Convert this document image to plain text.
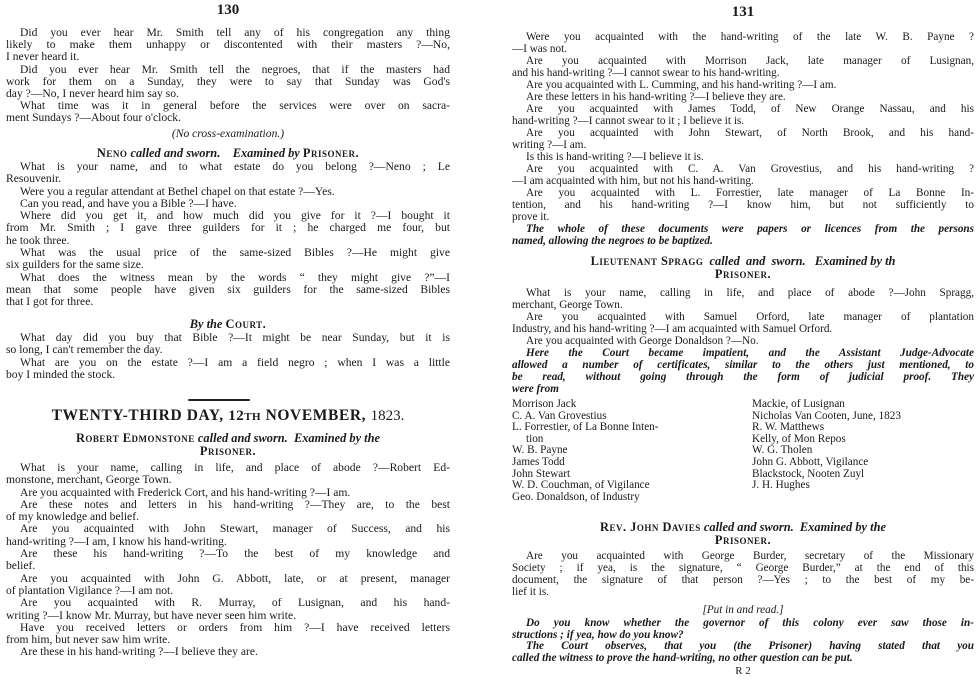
130
Did you ever hear Mr. Smith tell any of his congregation any thing
likely to make them unhappy or discontented with their masters ?—No,
I never heard it.
Did you ever hear Mr. Smith tell the negroes, that if the masters had
work for them on a Sunday, they were to say that Sunday was God's
day ?—No, I never heard him say so.
What time was it in general before the services were over on sacra-
ment Sundays ?—About four o'clock.
(No cross-examination.)
Neno called and sworn.    Examined by Prisoner.
What is your name, and to what estate do you belong ?—Neno ; Le
Resouvenir.
Were you a regular attendant at Bethel chapel on that estate ?—Yes.
Can you read, and have you a Bible ?—I have.
Where did you get it, and how much did you give for it ?—I bought it
from Mr. Smith ; I gave three guilders for it ; he charged me four, but
he took three.
What was the usual price of the same-sized Bibles ?—He might give
six guilders for the same size.
What does the witness mean by the words “ they might give ?”—I
mean that some people have given six guilders for the same-sized Bibles
that I got for three.
By the Court.
What day did you buy that Bible ?—It might be near Sunday, but it is
so long, I can't remember the day.
What are you on the estate ?—I am a field negro ; when I was a little
boy I minded the stock.
TWENTY-THIRD DAY, 12th NOVEMBER, 1823.
Robert Edmonstone called and sworn.  Examined by the
Prisoner.
What is your name, calling in life, and place of abode ?—Robert Ed-
monstone, merchant, George Town.
Are you acquainted with Frederick Cort, and his hand-writing ?—I am.
Are these notes and letters in his hand-writing ?—They are, to the best
of my knowledge and belief.
Are you acquainted with John Stewart, manager of Success, and his
hand-writing ?—I am, I know his hand-writing.
Are these his hand-writing ?—To the best of my knowledge and
belief.
Are you acquainted with John G. Abbott, late, or at present, manager
of plantation Vigilance ?—I am not.
Are you acquainted with R. Murray, of Lusignan, and his hand-
writing ?—I know Mr. Murray, but have never seen him write.
Have you received letters or orders from him ?—I have received letters
from him, but never saw him write.
Are these in his hand-writing ?—I believe they are.
131
R 2
Were you acquainted with the hand-writing of the late W. B. Payne ?
—I was not.
Are you acquainted with Morrison Jack, late manager of Lusignan,
and his hand-writing ?—I cannot swear to his hand-writing.
Are you acquainted with L. Cumming, and his hand-writing ?—I am.
Are these letters in his hand-writing ?—I believe they are.
Are you acquainted with James Todd, of New Orange Nassau, and his
hand-writing ?—I cannot swear to it ; I believe it is.
Are you acquainted with John Stewart, of North Brook, and his hand-
writing ?—I am.
Is this is hand-writing ?—I believe it is.
Are you acquainted with C. A. Van Grovestius, and his hand-writing ?
—I am acquainted with him, but not his hand-writing.
Are you acquainted with L. Forrestier, late manager of La Bonne In-
tention, and his hand-writing ?—I know him, but not sufficiently to
prove it.
The whole of these documents were papers or licences from the persons
named, allowing the negroes to be baptized.
Lieutenant Spragg  called  and  sworn.   Examined by th
Prisoner.
What is your name, calling in life, and place of abode ?—John Spragg,
merchant, George Town.
Are you acquainted with Samuel Orford, late manager of plantation
Industry, and his hand-writing ?—I am acquainted with Samuel Orford.
Are you acquainted with George Donaldson ?—No.
Here the Court became impatient, and the Assistant Judge-Advocate
allowed a number of certificates, similar to the others just mentioned, to
be read, without going through the form of judicial proof. They
were from
Morrison Jack
C. A. Van Grovestius
L. Forrestier, of La Bonne Inten-
tion
W. B. Payne
James Todd
John Stewart
W. D. Couchman, of Vigilance
Geo. Donaldson, of Industry
Mackie, of Lusignan
Nicholas Van Cooten, June, 1823
R. W. Matthews
Kelly, of Mon Repos
W. G. Tholen
John G. Abbott, Vigilance
Blackstock, Nooten Zuyl
J. H. Hughes
Rev. John Davies called and sworn.  Examined by the
Prisoner.
Are you acquainted with George Burder, secretary of the Missionary
Society ; if yea, is the signature, “ George Burder,” at the end of this
document, the signature of that person ?—Yes ; to the best of my be-
lief it is.
[Put in and read.]
Do you know whether the governor of this colony ever saw those in-
structions ; if yea, how do you know?
The Court observes, that you (the Prisoner) having stated that you
called the witness to prove the hand-writing, no other question can be put.
